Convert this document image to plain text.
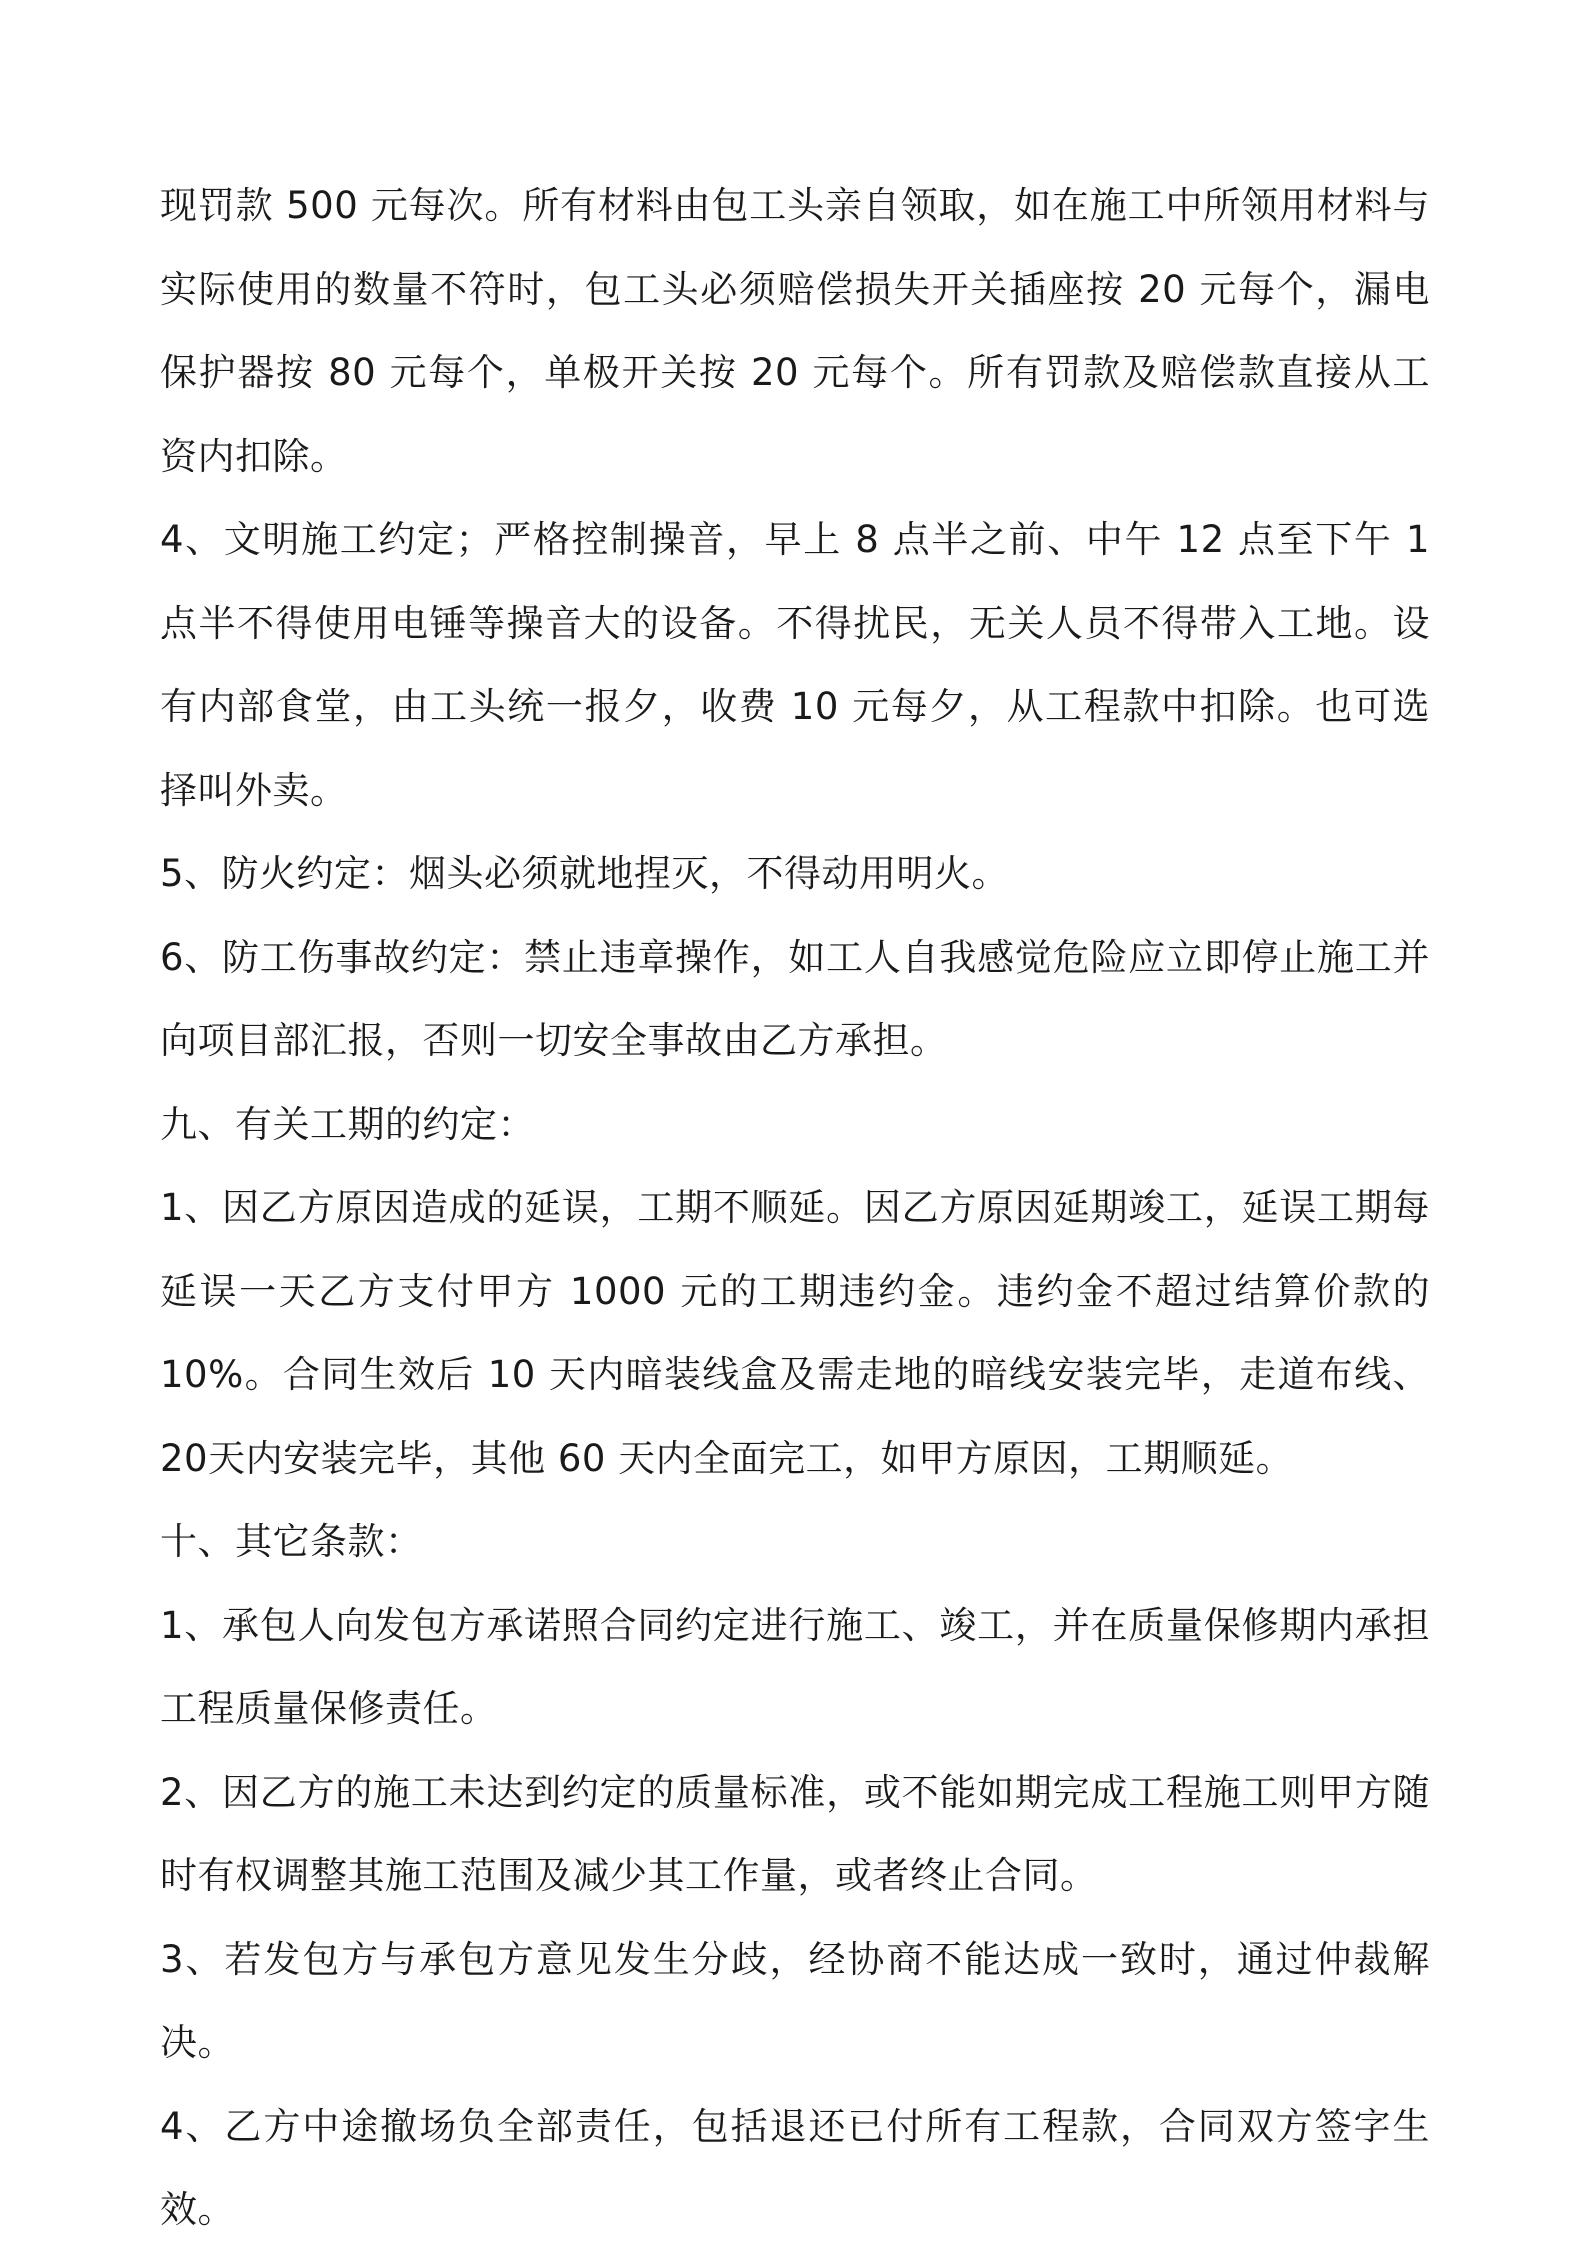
现罚款 500 元每次。所有材料由包工头亲自领取，如在施工中所领用材料与实际使用的数量不符时，包工头必须赔偿损失开关插座按 20 元每个，漏电保护器按 80 元每个，单极开关按 20 元每个。所有罚款及赔偿款直接从工资内扣除。

4、文明施工约定；严格控制操音，早上 8 点半之前、中午 12 点至下午 1 点半不得使用电锤等操音大的设备。不得扰民，无关人员不得带入工地。设有内部食堂，由工头统一报夕，收费 10 元每夕，从工程款中扣除。也可选择叫外卖。

5、防火约定：烟头必须就地捏灭，不得动用明火。

6、防工伤事故约定：禁止违章操作，如工人自我感觉危险应立即停止施工并向项目部汇报，否则一切安全事故由乙方承担。

九、有关工期的约定：

1、因乙方原因造成的延误，工期不顺延。因乙方原因延期竣工，延误工期每延误一天乙方支付甲方 1000 元的工期违约金。违约金不超过结算价款的10%。合同生效后 10 天内暗装线盒及需走地的暗线安装完毕，走道布线、20天内安装完毕，其他 60 天内全面完工，如甲方原因，工期顺延。

十、其它条款：

1、承包人向发包方承诺照合同约定进行施工、竣工，并在质量保修期内承担工程质量保修责任。

2、因乙方的施工未达到约定的质量标准，或不能如期完成工程施工则甲方随时有权调整其施工范围及减少其工作量，或者终止合同。

3、若发包方与承包方意见发生分歧，经协商不能达成一致时，通过仲裁解决。

4、乙方中途撤场负全部责任，包括退还已付所有工程款，合同双方签字生效。
